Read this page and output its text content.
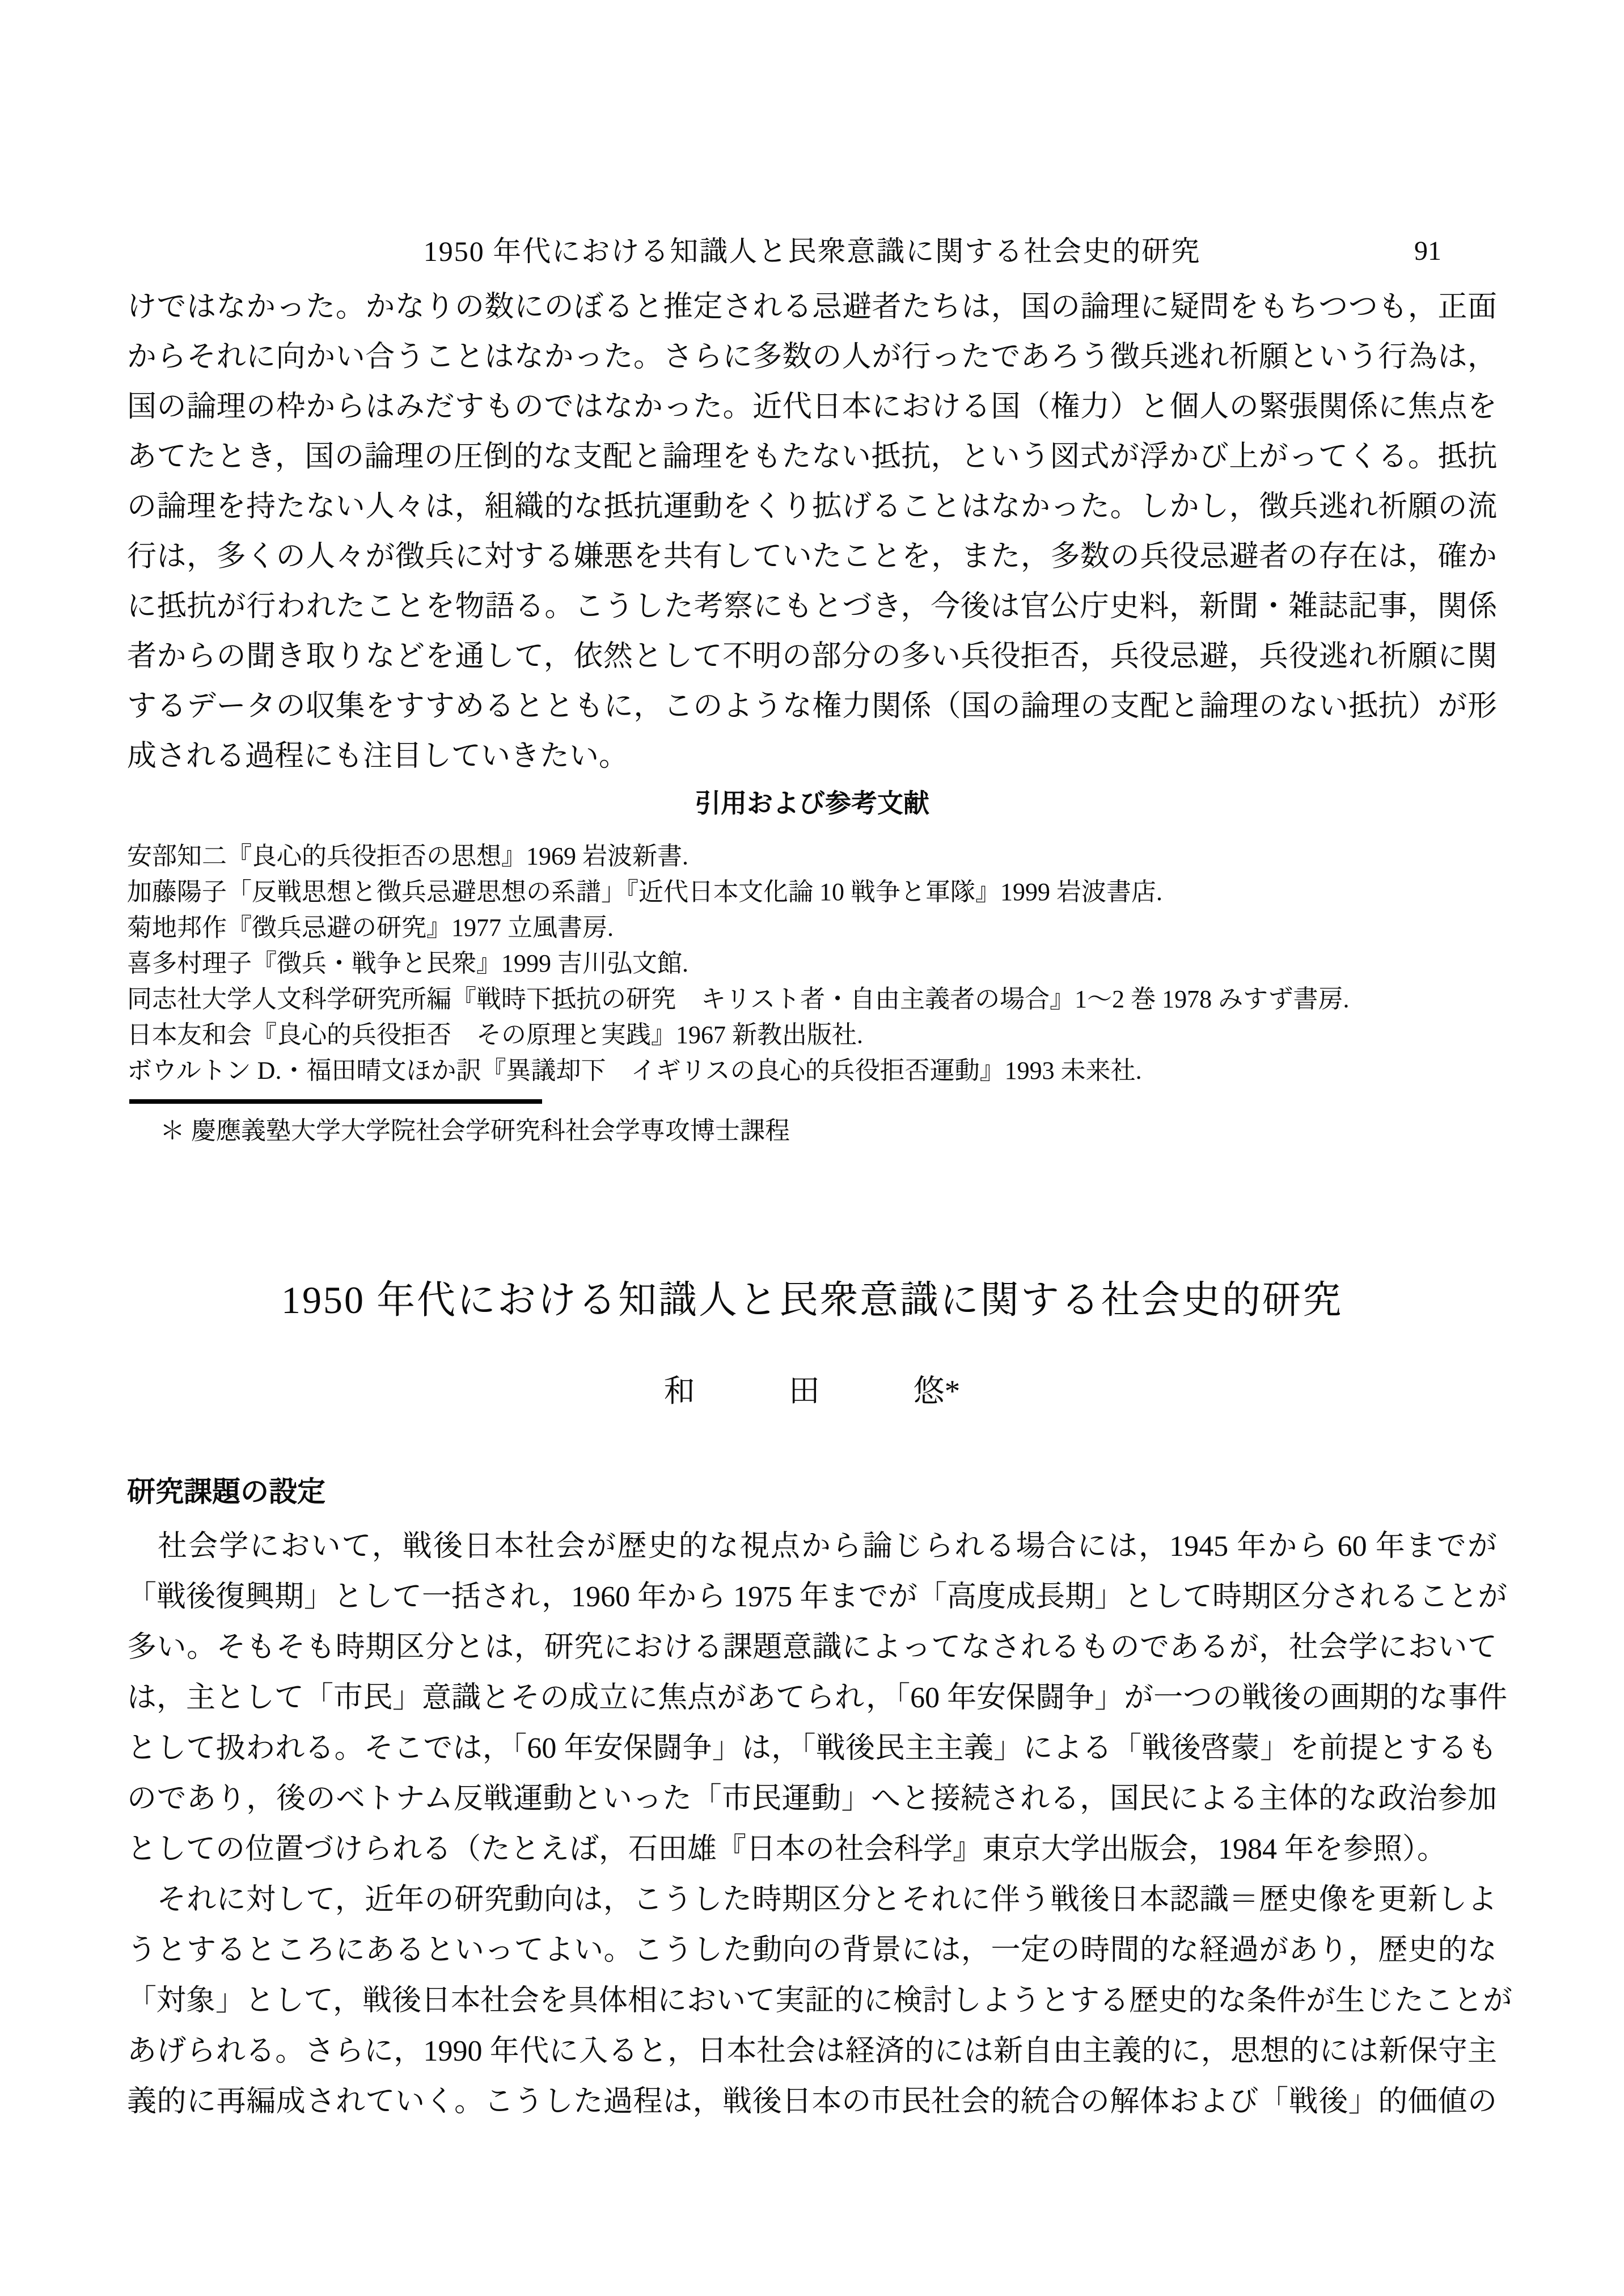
1950 年代における知識人と民衆意識に関する社会史的研究	91
けではなかった。かなりの数にのぼると推定される忌避者たちは，国の論理に疑問をもちつつも，正面
からそれに向かい合うことはなかった。さらに多数の人が行ったであろう徴兵逃れ祈願という行為は，
国の論理の枠からはみだすものではなかった。近代日本における国（権力）と個人の緊張関係に焦点を
あてたとき，国の論理の圧倒的な支配と論理をもたない抵抗，という図式が浮かび上がってくる。抵抗
の論理を持たない人々は，組織的な抵抗運動をくり拡げることはなかった。しかし，徴兵逃れ祈願の流
行は，多くの人々が徴兵に対する嫌悪を共有していたことを，また，多数の兵役忌避者の存在は，確か
に抵抗が行われたことを物語る。こうした考察にもとづき，今後は官公庁史料，新聞・雑誌記事，関係
者からの聞き取りなどを通して，依然として不明の部分の多い兵役拒否，兵役忌避，兵役逃れ祈願に関
するデータの収集をすすめるとともに，このような権力関係（国の論理の支配と論理のない抵抗）が形
成される過程にも注目していきたい。
引用および参考文献
安部知二『良心的兵役拒否の思想』1969 岩波新書.
加藤陽子「反戦思想と徴兵忌避思想の系譜」『近代日本文化論 10 戦争と軍隊』1999 岩波書店.
菊地邦作『徴兵忌避の研究』1977 立風書房.
喜多村理子『徴兵・戦争と民衆』1999 吉川弘文館.
同志社大学人文科学研究所編『戦時下抵抗の研究　キリスト者・自由主義者の場合』1～2 巻 1978 みすず書房.
日本友和会『良心的兵役拒否　その原理と実践』1967 新教出版社.
ボウルトン D.・福田晴文ほか訳『異議却下　イギリスの良心的兵役拒否運動』1993 未来社.
＊ 慶應義塾大学大学院社会学研究科社会学専攻博士課程
1950 年代における知識人と民衆意識に関する社会史的研究
和　　　田　　　悠*
研究課題の設定
　社会学において，戦後日本社会が歴史的な視点から論じられる場合には，1945 年から 60 年までが
「戦後復興期」として一括され，1960 年から 1975 年までが「高度成長期」として時期区分されることが
多い。そもそも時期区分とは，研究における課題意識によってなされるものであるが，社会学において
は，主として「市民」意識とその成立に焦点があてられ，「60 年安保闘争」が一つの戦後の画期的な事件
として扱われる。そこでは，「60 年安保闘争」は，「戦後民主主義」による「戦後啓蒙」を前提とするも
のであり，後のベトナム反戦運動といった「市民運動」へと接続される，国民による主体的な政治参加
としての位置づけられる（たとえば，石田雄『日本の社会科学』東京大学出版会，1984 年を参照）。
　それに対して，近年の研究動向は，こうした時期区分とそれに伴う戦後日本認識＝歴史像を更新しよ
うとするところにあるといってよい。こうした動向の背景には，一定の時間的な経過があり，歴史的な
「対象」として，戦後日本社会を具体相において実証的に検討しようとする歴史的な条件が生じたことが
あげられる。さらに，1990 年代に入ると，日本社会は経済的には新自由主義的に，思想的には新保守主
義的に再編成されていく。こうした過程は，戦後日本の市民社会的統合の解体および「戦後」的価値の
